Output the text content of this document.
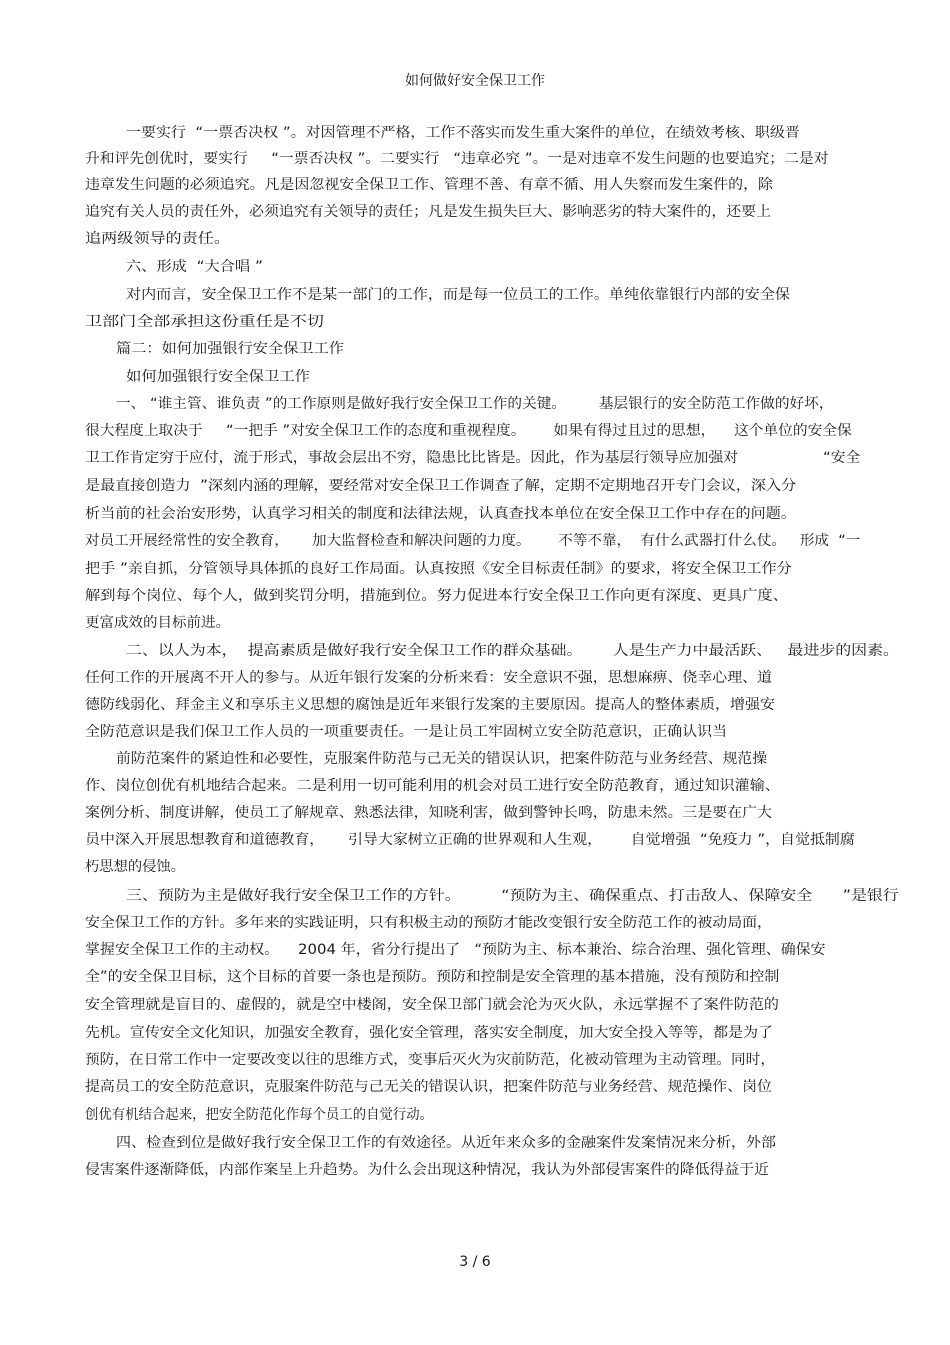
如何做好安全保卫工作
一要实行  “一票否决权 ”。对因管理不严格，工作不落实而发生重大案件的单位，在绩效考核、职级晋
升和评先创优时，要实行     “一票否决权 ”。二要实行   “违章必究 ”。一是对违章不发生问题的也要追究；二是对
违章发生问题的必须追究。凡是因忽视安全保卫工作、管理不善、有章不循、用人失察而发生案件的，除
追究有关人员的责任外，必须追究有关领导的责任；凡是发生损失巨大、影响恶劣的特大案件的，还要上
追两级领导的责任。
六、形成  “大合唱 ”
对内而言，安全保卫工作不是某一部门的工作，而是每一位员工的工作。单纯依靠银行内部的安全保
卫部门全部承担这份重任是不切
篇二：如何加强银行安全保卫工作
如何加强银行安全保卫工作
一、 “谁主管、谁负责 ”的工作原则是做好我行安全保卫工作的关键。       基层银行的安全防范工作做的好坏，
很大程度上取决于     “一把手 ”对安全保卫工作的态度和重视程度。      如果有得过且过的思想，    这个单位的安全保
卫工作肯定穷于应付，流于形式，事故会层出不穷，隐患比比皆是。因此，作为基层行领导应加强对                  “安全
是最直接创造力  ”深刻内涵的理解，要经常对安全保卫工作调查了解，定期不定期地召开专门会议，深入分
析当前的社会治安形势，认真学习相关的制度和法律法规，认真查找本单位在安全保卫工作中存在的问题。
对员工开展经常性的安全教育，     加大监督检查和解决问题的力度。      不等不靠，  有什么武器打什么仗。   形成  “一
把手 ”亲自抓，分管领导具体抓的良好工作局面。认真按照《安全目标责任制》的要求，将安全保卫工作分
解到每个岗位、每个人，做到奖罚分明，措施到位。努力促进本行安全保卫工作向更有深度、更具广度、
更富成效的目标前进。
二、以人为本，  提高素质是做好我行安全保卫工作的群众基础。      人是生产力中最活跃、   最进步的因素。
任何工作的开展离不开人的参与。从近年银行发案的分析来看：安全意识不强，思想麻痹、侥幸心理、道
德防线弱化、拜金主义和享乐主义思想的腐蚀是近年来银行发案的主要原因。提高人的整体素质，增强安
全防范意识是我们保卫工作人员的一项重要责任。一是让员工牢固树立安全防范意识，正确认识当
前防范案件的紧迫性和必要性，克服案件防范与己无关的错误认识，把案件防范与业务经营、规范操
作、岗位创优有机地结合起来。二是利用一切可能利用的机会对员工进行安全防范教育，通过知识灌输、
案例分析、制度讲解，使员工了解规章、熟悉法律，知晓利害，做到警钟长鸣，防患未然。三是要在广大
员中深入开展思想教育和道德教育，     引导大家树立正确的世界观和人生观，      自觉增强  “免疫力 ”，自觉抵制腐
朽思想的侵蚀。
三、预防为主是做好我行安全保卫工作的方针。        “预防为主、确保重点、打击敌人、保障安全      ”是银行
安全保卫工作的方针。多年来的实践证明，只有积极主动的预防才能改变银行安全防范工作的被动局面，
掌握安全保卫工作的主动权。    2004 年，省分行提出了   “预防为主、标本兼治、综合治理、强化管理、确保安
全”的安全保卫目标，这个目标的首要一条也是预防。预防和控制是安全管理的基本措施，没有预防和控制
安全管理就是盲目的、虚假的，就是空中楼阁，安全保卫部门就会沦为灭火队，永远掌握不了案件防范的
先机。宣传安全文化知识，加强安全教育，强化安全管理，落实安全制度，加大安全投入等等，都是为了
预防，在日常工作中一定要改变以往的思维方式，变事后灭火为灾前防范，化被动管理为主动管理。同时，
提高员工的安全防范意识，克服案件防范与己无关的错误认识，把案件防范与业务经营、规范操作、岗位
创优有机结合起来，把安全防范化作每个员工的自觉行动。
四、检查到位是做好我行安全保卫工作的有效途径。从近年来众多的金融案件发案情况来分析，外部
侵害案件逐渐降低，内部作案呈上升趋势。为什么会出现这种情况，我认为外部侵害案件的降低得益于近
3 / 6
